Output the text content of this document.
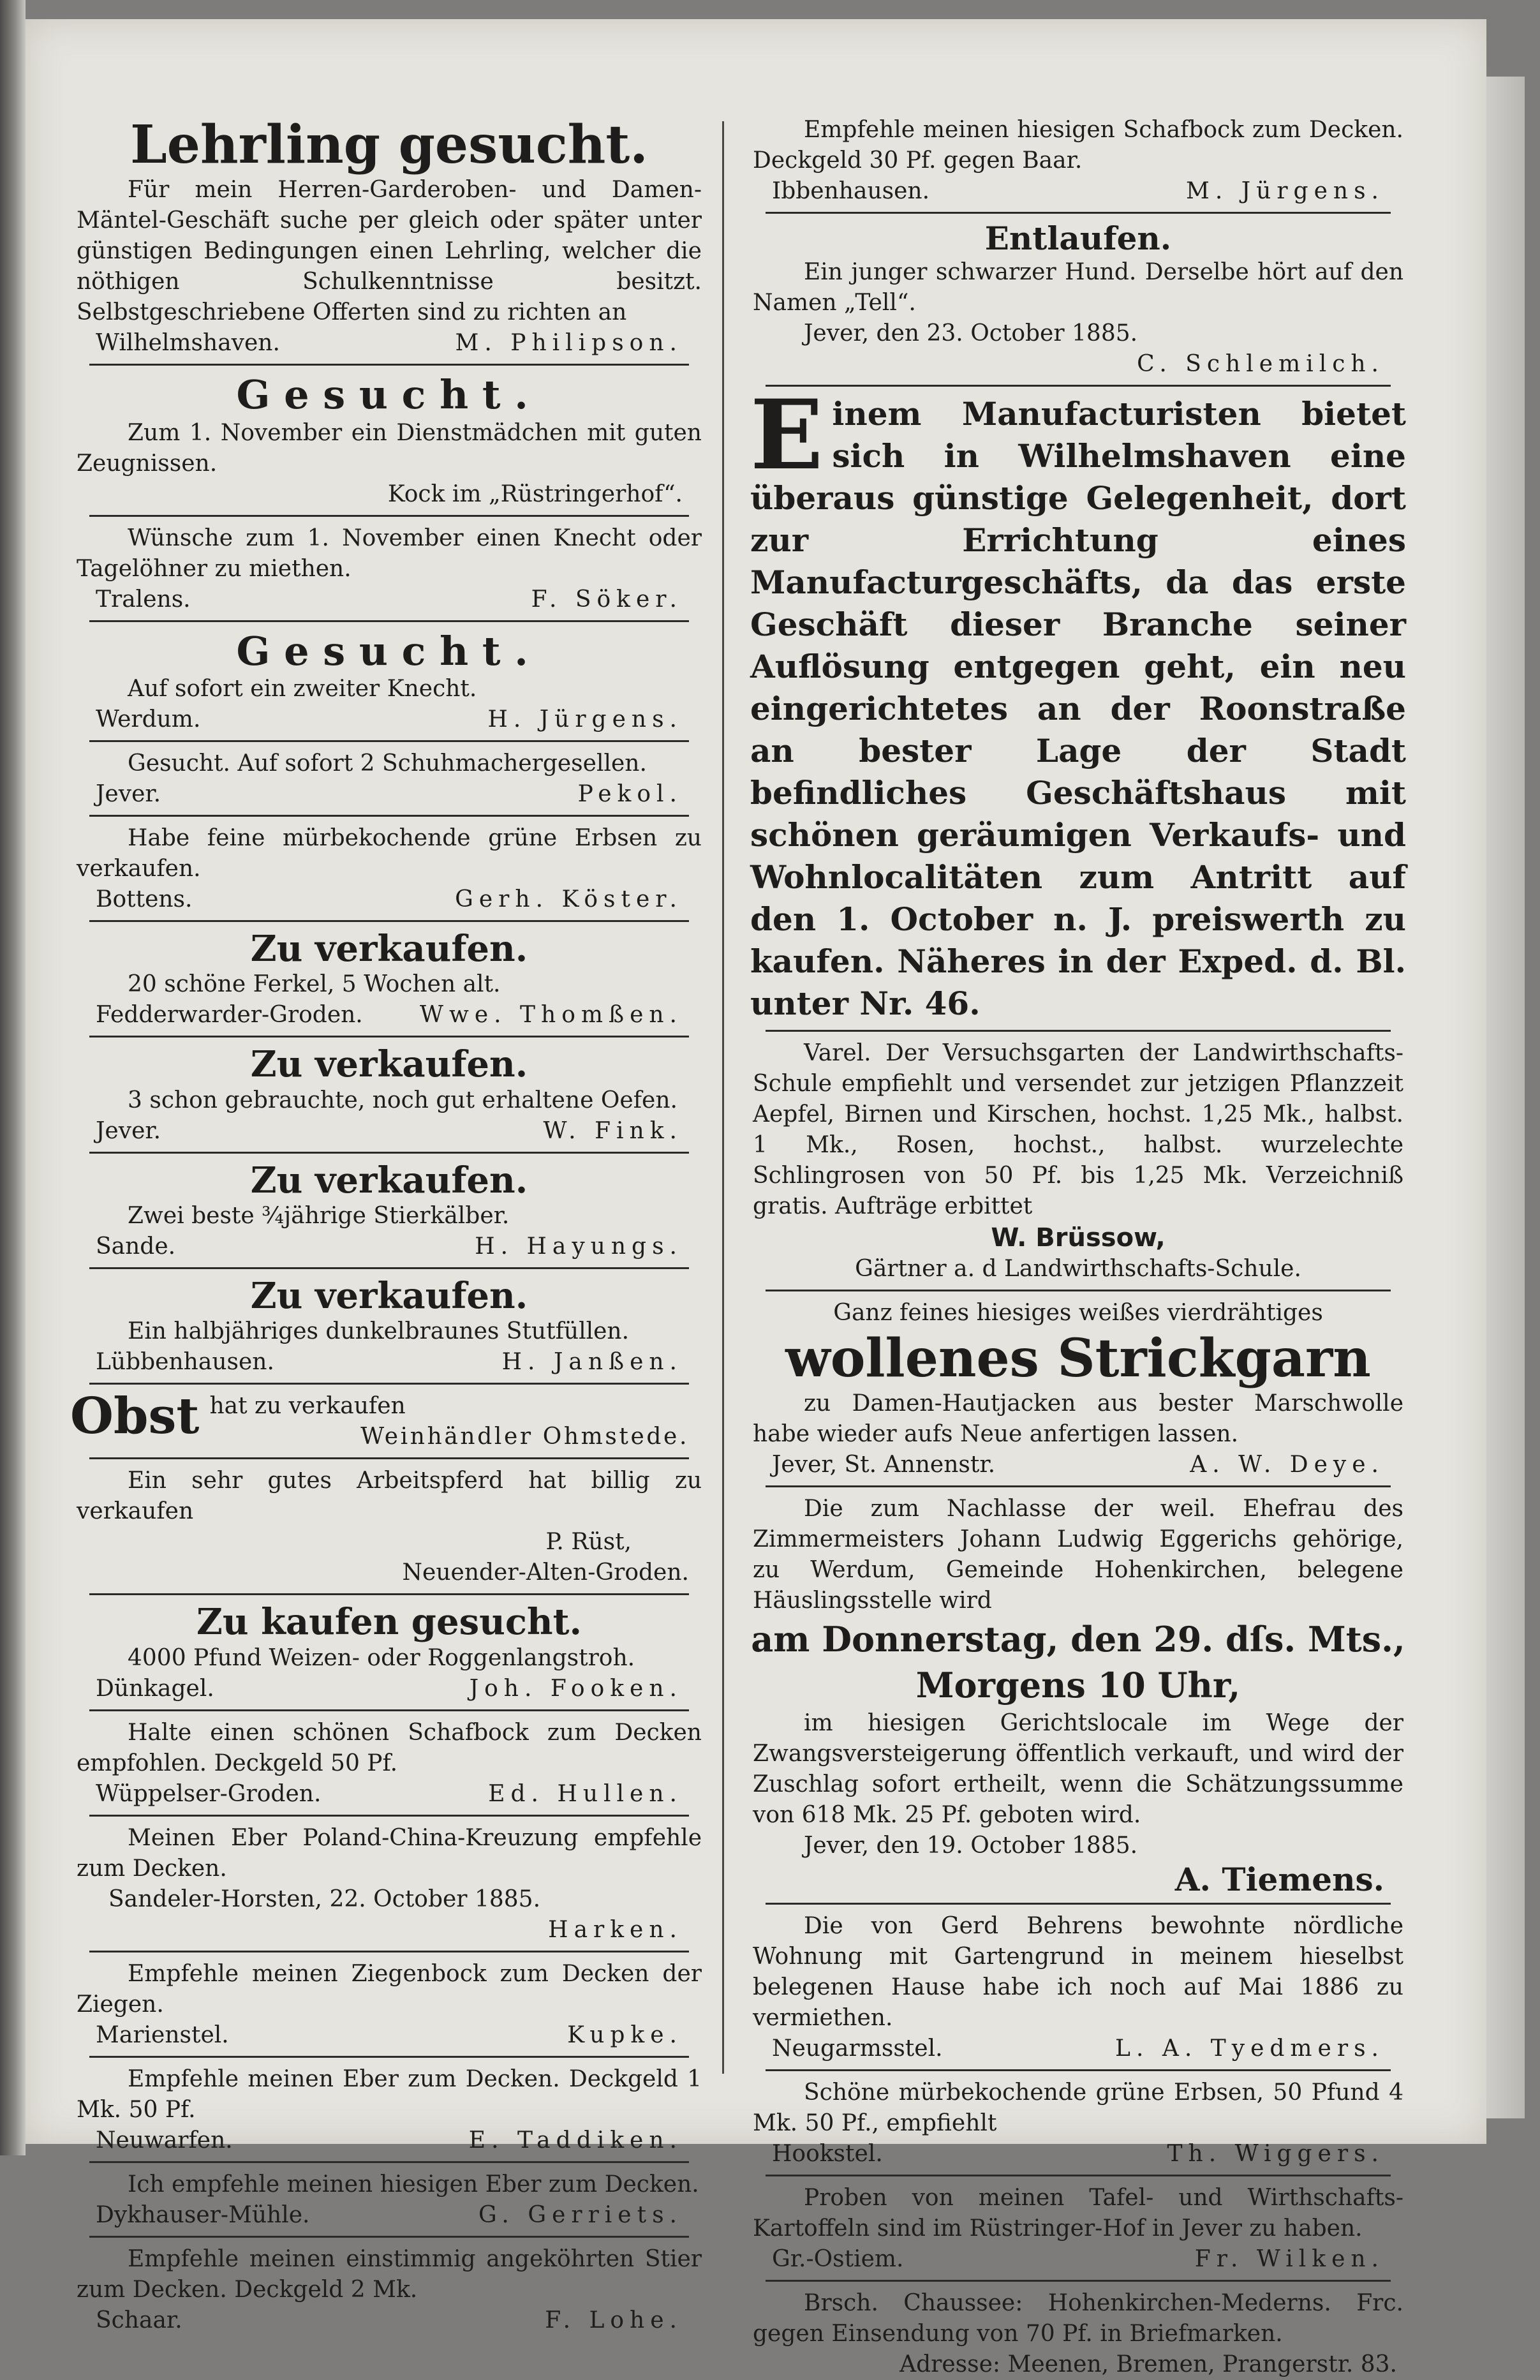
Lehrling gesucht.
Für mein Herren-Garderoben- und Damen-Mäntel-Geschäft suche per gleich oder später unter günstigen Bedingungen einen Lehrling, welcher die nöthigen Schulkenntnisse besitzt. Selbstgeschriebene Offerten sind zu richten an
Wilhelmshaven.	M. Philipson.
Gesucht.
Zum 1. November ein Dienstmädchen mit guten Zeugnissen.
Kock im „Rüstringerhof“.
Wünsche zum 1. November einen Knecht oder Tagelöhner zu miethen.
Tralens.	F. Söker.
Gesucht.
Auf sofort ein zweiter Knecht.
Werdum.	H. Jürgens.
Gesucht. Auf sofort 2 Schuhmachergesellen.
Jever.	Pekol.
Habe feine mürbekochende grüne Erbsen zu verkaufen.
Bottens.	Gerh. Köster.
Zu verkaufen.
20 schöne Ferkel, 5 Wochen alt.
Fedderwarder-Groden. Wwe. Thomßen.
Zu verkaufen.
3 schon gebrauchte, noch gut erhaltene Oefen.
Jever.	W. Fink.
Zu verkaufen.
Zwei beste ¾jährige Stierkälber.
Sande.	H. Hayungs.
Zu verkaufen.
Ein halbjähriges dunkelbraunes Stutfüllen.
Lübbenhausen.	H. Janßen.
Obst hat zu verkaufen
Weinhändler Ohmstede.
Ein sehr gutes Arbeitspferd hat billig zu verkaufen
P. Rüst,
Neuender-Alten-Groden.
Zu kaufen gesucht.
4000 Pfund Weizen- oder Roggenlangstroh.
Dünkagel.	Joh. Fooken.
Halte einen schönen Schafbock zum Decken empfohlen. Deckgeld 50 Pf.
Wüppelser-Groden.	Ed. Hullen.
Meinen Eber Poland-China-Kreuzung empfehle zum Decken.
Sandeler-Horsten, 22. October 1885.
Harken.
Empfehle meinen Ziegenbock zum Decken der Ziegen.
Marienstel.	Kupke.
Empfehle meinen Eber zum Decken. Deckgeld 1 Mk. 50 Pf.
Neuwarfen.	E. Taddiken.
Ich empfehle meinen hiesigen Eber zum Decken.
Dykhauser-Mühle.	G. Gerriets.
Empfehle meinen einstimmig angeköhrten Stier zum Decken. Deckgeld 2 Mk.
Schaar.	F. Lohe.
Empfehle meinen hiesigen Schafbock zum Decken. Deckgeld 30 Pf. gegen Baar.
Ibbenhausen.	M. Jürgens.
Entlaufen.
Ein junger schwarzer Hund. Derselbe hört auf den Namen „Tell“.
Jever, den 23. October 1885.
C. Schlemilch.
Einem Manufacturisten bietet sich in Wilhelmshaven eine überaus günstige Gelegenheit, dort zur Errichtung eines Manufacturgeschäfts, da das erste Geschäft dieser Branche seiner Auflösung entgegen geht, ein neu eingerichtetes an der Roonstraße an bester Lage der Stadt befindliches Geschäftshaus mit schönen geräumigen Verkaufs- und Wohnlocalitäten zum Antritt auf den 1. October n. J. preiswerth zu kaufen. Näheres in der Exped. d. Bl. unter Nr. 46.
Varel. Der Versuchsgarten der Landwirthschafts-Schule empfiehlt und versendet zur jetzigen Pflanzzeit Aepfel, Birnen und Kirschen, hochst. 1,25 Mk., halbst. 1 Mk., Rosen, hochst., halbst. wurzelechte Schlingrosen von 50 Pf. bis 1,25 Mk. Verzeichniß gratis. Aufträge erbittet
W. Brüssow,
Gärtner a. d Landwirthschafts-Schule.
Ganz feines hiesiges weißes vierdrähtiges
wollenes Strickgarn
zu Damen-Hautjacken aus bester Marschwolle habe wieder aufs Neue anfertigen lassen.
Jever, St. Annenstr.	A. W. Deye.
Die zum Nachlasse der weil. Ehefrau des Zimmermeisters Johann Ludwig Eggerichs gehörige, zu Werdum, Gemeinde Hohenkirchen, belegene Häuslingsstelle wird
am Donnerstag, den 29. dſs. Mts.,
Morgens 10 Uhr,
im hiesigen Gerichtslocale im Wege der Zwangsversteigerung öffentlich verkauft, und wird der Zuschlag sofort ertheilt, wenn die Schätzungssumme von 618 Mk. 25 Pf. geboten wird.
Jever, den 19. October 1885.
A. Tiemens.
Die von Gerd Behrens bewohnte nördliche Wohnung mit Gartengrund in meinem hieselbst belegenen Hause habe ich noch auf Mai 1886 zu vermiethen.
Neugarmsstel.	L. A. Tyedmers.
Schöne mürbekochende grüne Erbsen, 50 Pfund 4 Mk. 50 Pf., empfiehlt
Hookstel.	Th. Wiggers.
Proben von meinen Tafel- und Wirthschafts-Kartoffeln sind im Rüstringer-Hof in Jever zu haben.
Gr.-Ostiem.	Fr. Wilken.
Brsch. Chaussee: Hohenkirchen-Mederns. Frc. gegen Einsendung von 70 Pf. in Briefmarken.
Adresse: Meenen, Bremen, Prangerstr. 83.
